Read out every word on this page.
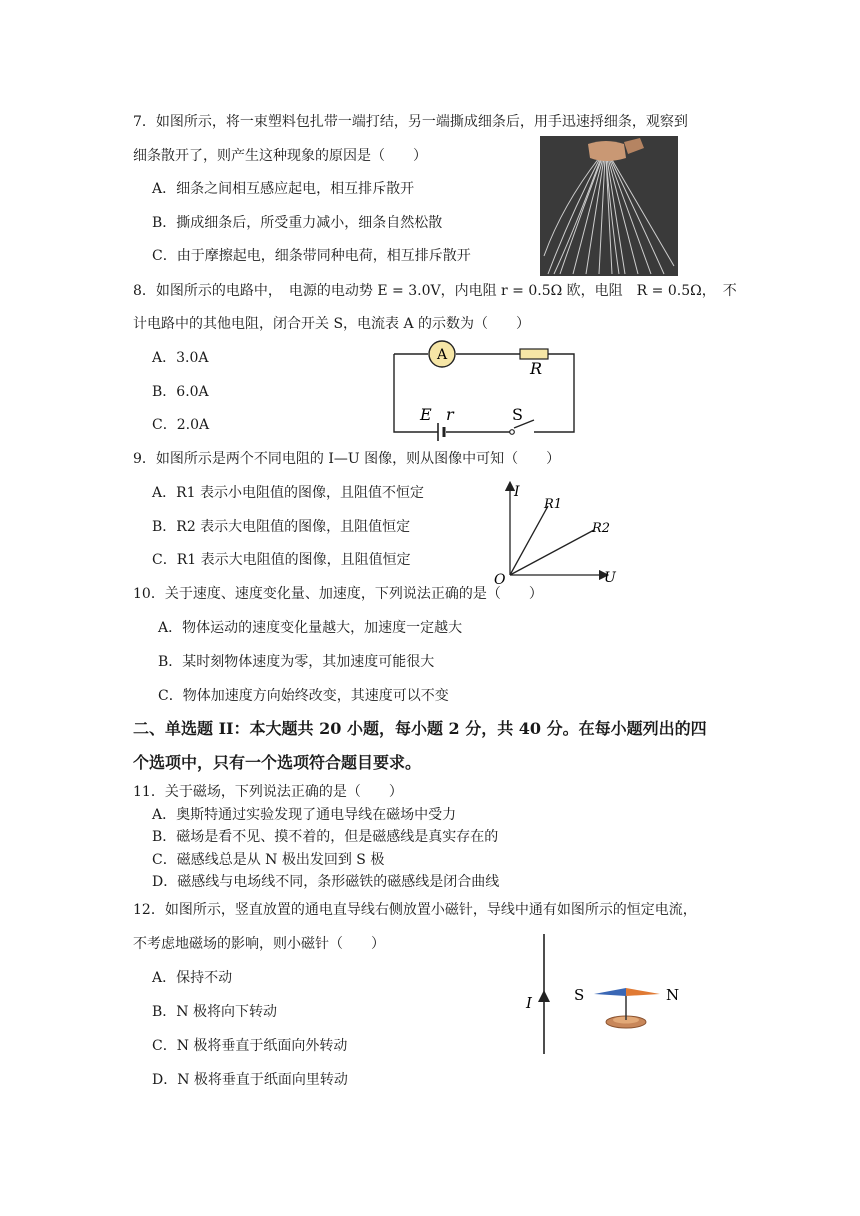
7．如图所示，将一束塑料包扎带一端打结，另一端撕成细条后，用手迅速捋细条，观察到
细条散开了，则产生这种现象的原因是（　　）
A．细条之间相互感应起电，相互排斥散开
B．撕成细条后，所受重力减小，细条自然松散
C．由于摩擦起电，细条带同种电荷，相互排斥散开
8．如图所示的电路中，　电源的电动势 E = 3.0V，内电阻 r = 0.5Ω 欧，电阻　R = 0.5Ω，　不
计电路中的其他电阻，闭合开关 S，电流表 A 的示数为（　　）
A．3.0A
B．6.0A
C．2.0A
A
R
E r	S
9．如图所示是两个不同电阻的 I—U 图像，则从图像中可知（　　）
A．R1 表示小电阻值的图像，且阻值不恒定
B．R2 表示大电阻值的图像，且阻值恒定
C．R1 表示大电阻值的图像，且阻值恒定
I
U
O
R1
R2
10．关于速度、速度变化量、加速度，下列说法正确的是（　　）
A．物体运动的速度变化量越大，加速度一定越大
B．某时刻物体速度为零，其加速度可能很大
C．物体加速度方向始终改变，其速度可以不变
二、单选题 II：本大题共 20 小题，每小题 2 分，共 40 分。在每小题列出的四
个选项中，只有一个选项符合题目要求。
11．关于磁场，下列说法正确的是（　　）
A．奥斯特通过实验发现了通电导线在磁场中受力
B．磁场是看不见、摸不着的，但是磁感线是真实存在的
C．磁感线总是从 N 极出发回到 S 极
D．磁感线与电场线不同，条形磁铁的磁感线是闭合曲线
12．如图所示，竖直放置的通电直导线右侧放置小磁针，导线中通有如图所示的恒定电流，
不考虑地磁场的影响，则小磁针（　　）
A．保持不动
B．N 极将向下转动
C．N 极将垂直于纸面向外转动
D．N 极将垂直于纸面向里转动
I	S	N
